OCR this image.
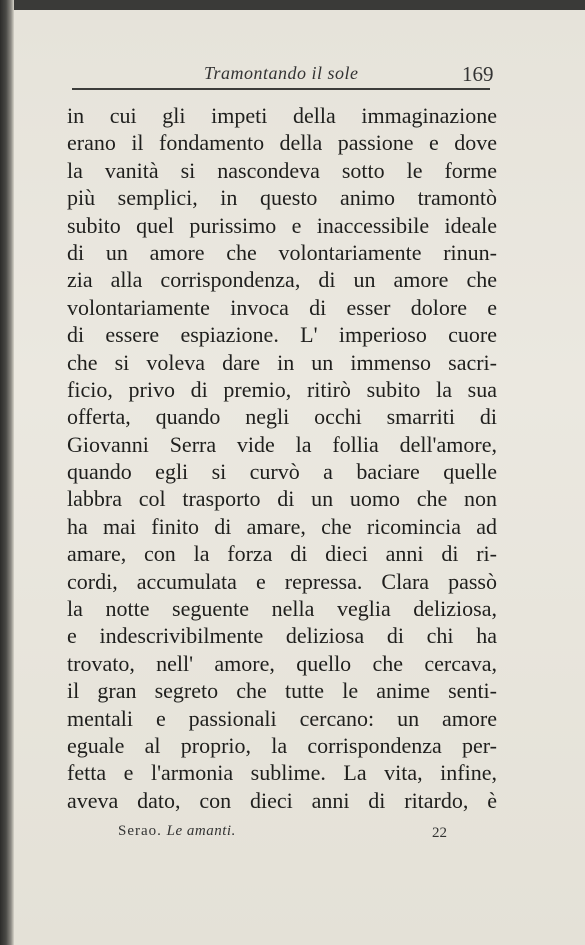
Tramontando il sole	169
in cui gli impeti della immaginazione
erano il fondamento della passione e dove
la vanità si nascondeva sotto le forme
più semplici, in questo animo tramontò
subito quel purissimo e inaccessibile ideale
di un amore che volontariamente rinun-
zia alla corrispondenza, di un amore che
volontariamente invoca di esser dolore e
di essere espiazione. L' imperioso cuore
che si voleva dare in un immenso sacri-
ficio, privo di premio, ritirò subito la sua
offerta, quando negli occhi smarriti di
Giovanni Serra vide la follia dell'amore,
quando egli si curvò a baciare quelle
labbra col trasporto di un uomo che non
ha mai finito di amare, che ricomincia ad
amare, con la forza di dieci anni di ri-
cordi, accumulata e repressa. Clara passò
la notte seguente nella veglia deliziosa,
e indescrivibilmente deliziosa di chi ha
trovato, nell' amore, quello che cercava,
il gran segreto che tutte le anime senti-
mentali e passionali cercano: un amore
eguale al proprio, la corrispondenza per-
fetta e l'armonia sublime. La vita, infine,
aveva dato, con dieci anni di ritardo, è
Serao. Le amanti.	22
